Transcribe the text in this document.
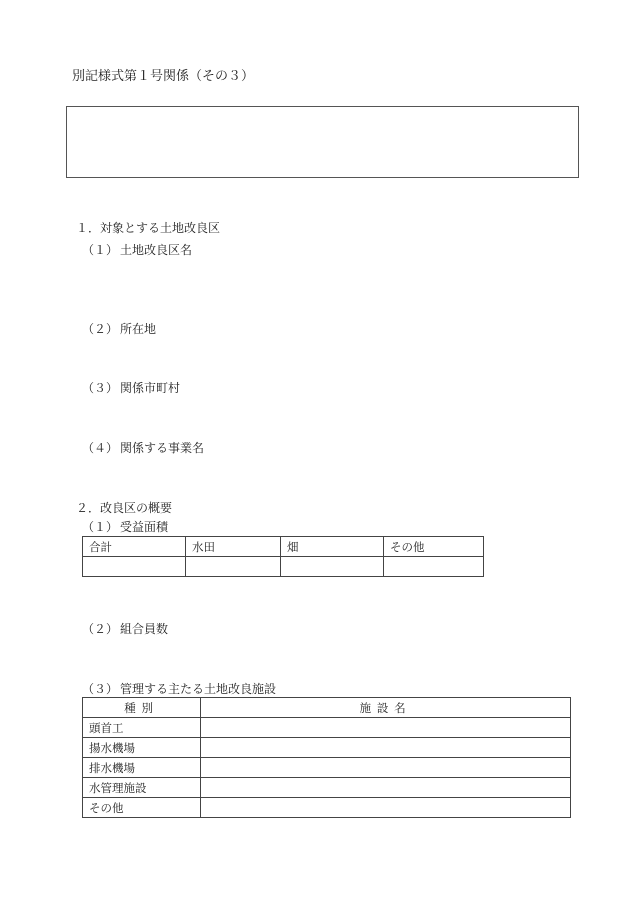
別記様式第１号関係（その３）
１．対象とする土地改良区
（１） 土地改良区名
（２） 所在地
（３） 関係市町村
（４） 関係する事業名
２．改良区の概要
（１） 受益面積
合計	水田	畑	その他

（２） 組合員数
（３） 管理する主たる土地改良施設
種別	施設名
頭首工	
揚水機場	
排水機場	
水管理施設	
その他	
